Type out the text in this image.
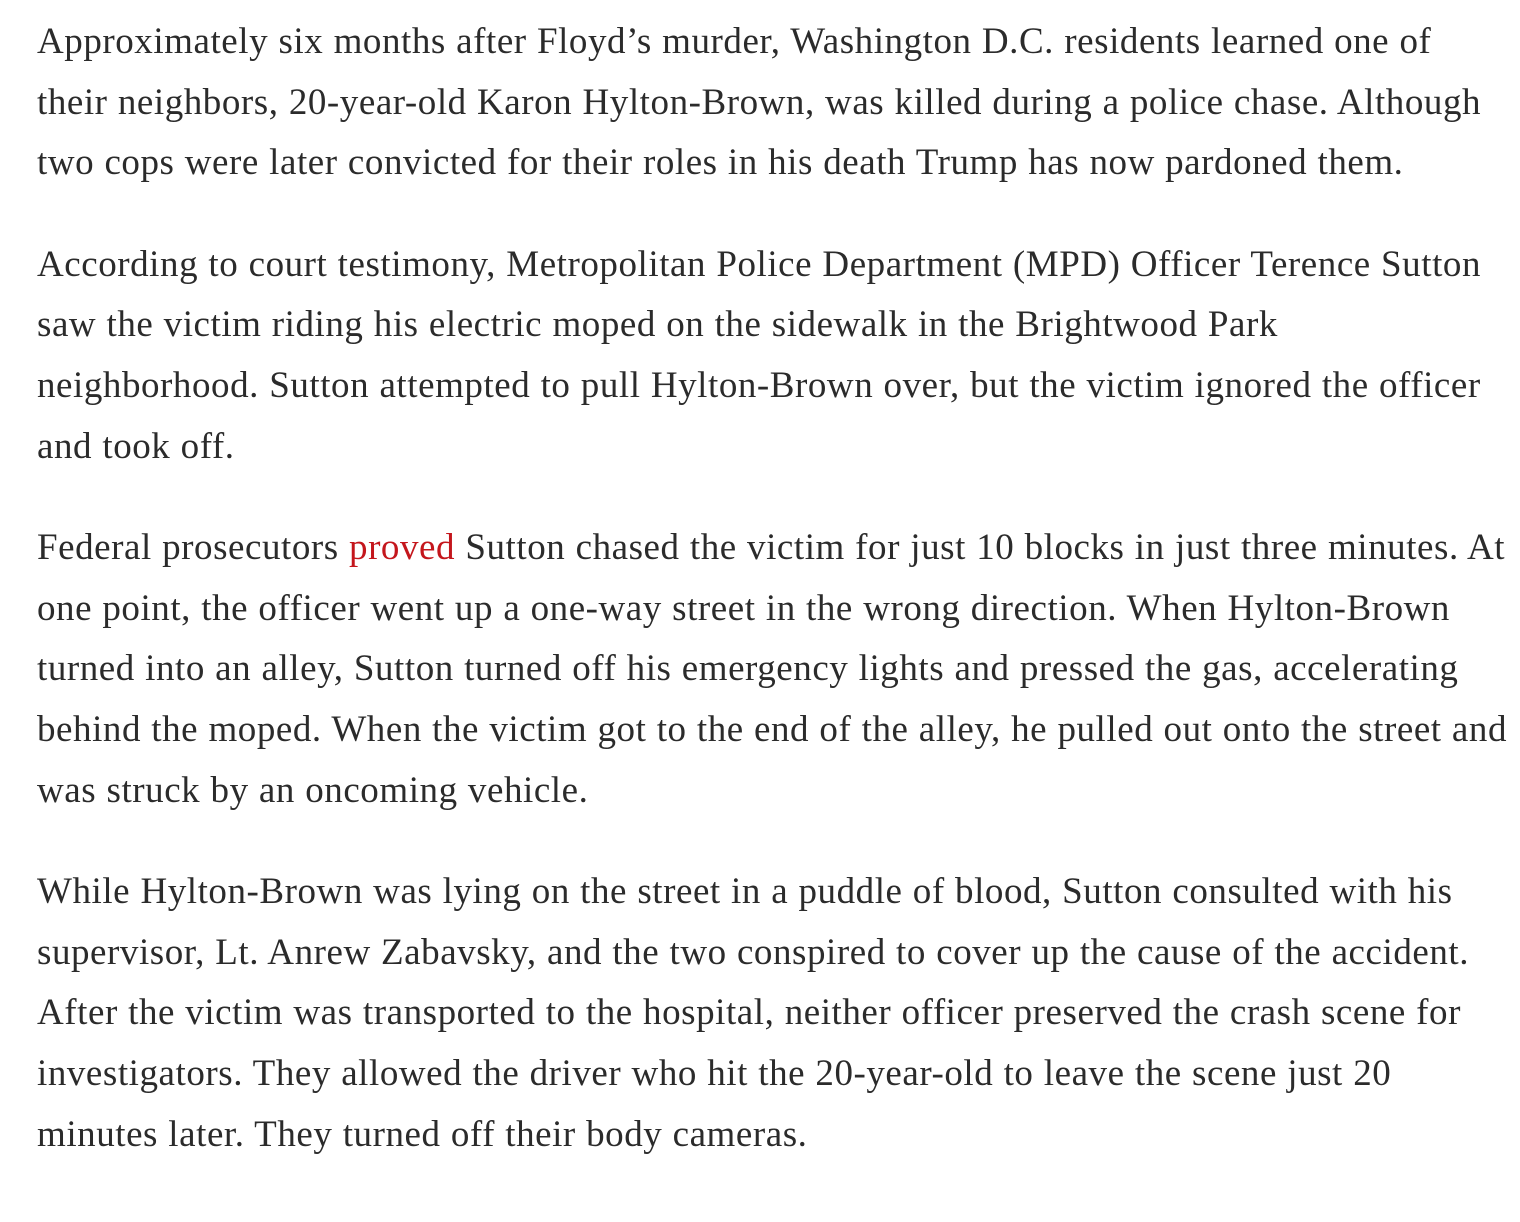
Approximately six months after Floyd’s murder, Washington D.C. residents learned one of their neighbors, 20-year-old Karon Hylton-Brown, was killed during a police chase. Although two cops were later convicted for their roles in his death Trump has now pardoned them.

According to court testimony, Metropolitan Police Department (MPD) Officer Terence Sutton saw the victim riding his electric moped on the sidewalk in the Brightwood Park neighborhood. Sutton attempted to pull Hylton-Brown over, but the victim ignored the officer and took off.

Federal prosecutors proved Sutton chased the victim for just 10 blocks in just three minutes. At one point, the officer went up a one-way street in the wrong direction. When Hylton-Brown turned into an alley, Sutton turned off his emergency lights and pressed the gas, accelerating behind the moped. When the victim got to the end of the alley, he pulled out onto the street and was struck by an oncoming vehicle.

While Hylton-Brown was lying on the street in a puddle of blood, Sutton consulted with his supervisor, Lt. Anrew Zabavsky, and the two conspired to cover up the cause of the accident. After the victim was transported to the hospital, neither officer preserved the crash scene for investigators. They allowed the driver who hit the 20-year-old to leave the scene just 20 minutes later. They turned off their body cameras.
